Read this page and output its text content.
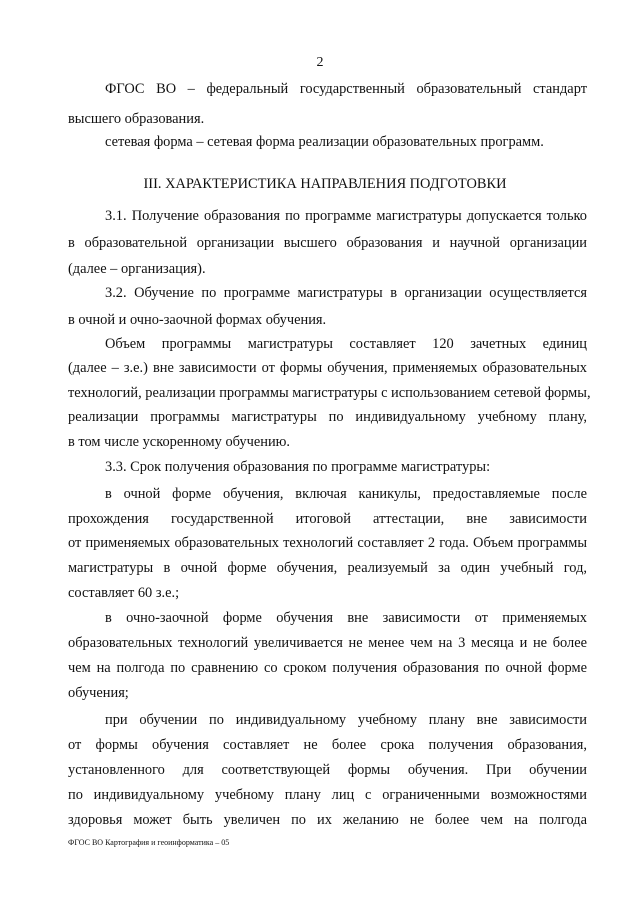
2
ФГОС ВО – федеральный государственный образовательный стандарт
высшего образования.
сетевая форма – сетевая форма реализации образовательных программ.
III. ХАРАКТЕРИСТИКА НАПРАВЛЕНИЯ ПОДГОТОВКИ
3.1. Получение образования по программе магистратуры допускается только
в образовательной организации высшего образования и научной организации
(далее – организация).
3.2. Обучение по программе магистратуры в организации осуществляется
в очной и очно-заочной формах обучения.
Объем программы магистратуры составляет 120 зачетных единиц
(далее – з.е.) вне зависимости от формы обучения, применяемых образовательных
технологий, реализации программы магистратуры с использованием сетевой формы,
реализации программы магистратуры по индивидуальному учебному плану,
в том числе ускоренному обучению.
3.3. Срок получения образования по программе магистратуры:
в очной форме обучения, включая каникулы, предоставляемые после
прохождения государственной итоговой аттестации, вне зависимости
от применяемых образовательных технологий составляет 2 года. Объем программы
магистратуры в очной форме обучения, реализуемый за один учебный год,
составляет 60 з.е.;
в очно-заочной форме обучения вне зависимости от применяемых
образовательных технологий увеличивается не менее чем на 3 месяца и не более
чем на полгода по сравнению со сроком получения образования по очной форме
обучения;
при обучении по индивидуальному учебному плану вне зависимости
от формы обучения составляет не более срока получения образования,
установленного для соответствующей формы обучения. При обучении
по индивидуальному учебному плану лиц с ограниченными возможностями
здоровья может быть увеличен по их желанию не более чем на полгода
ФГОС ВО Картография и геоинформатика – 05
